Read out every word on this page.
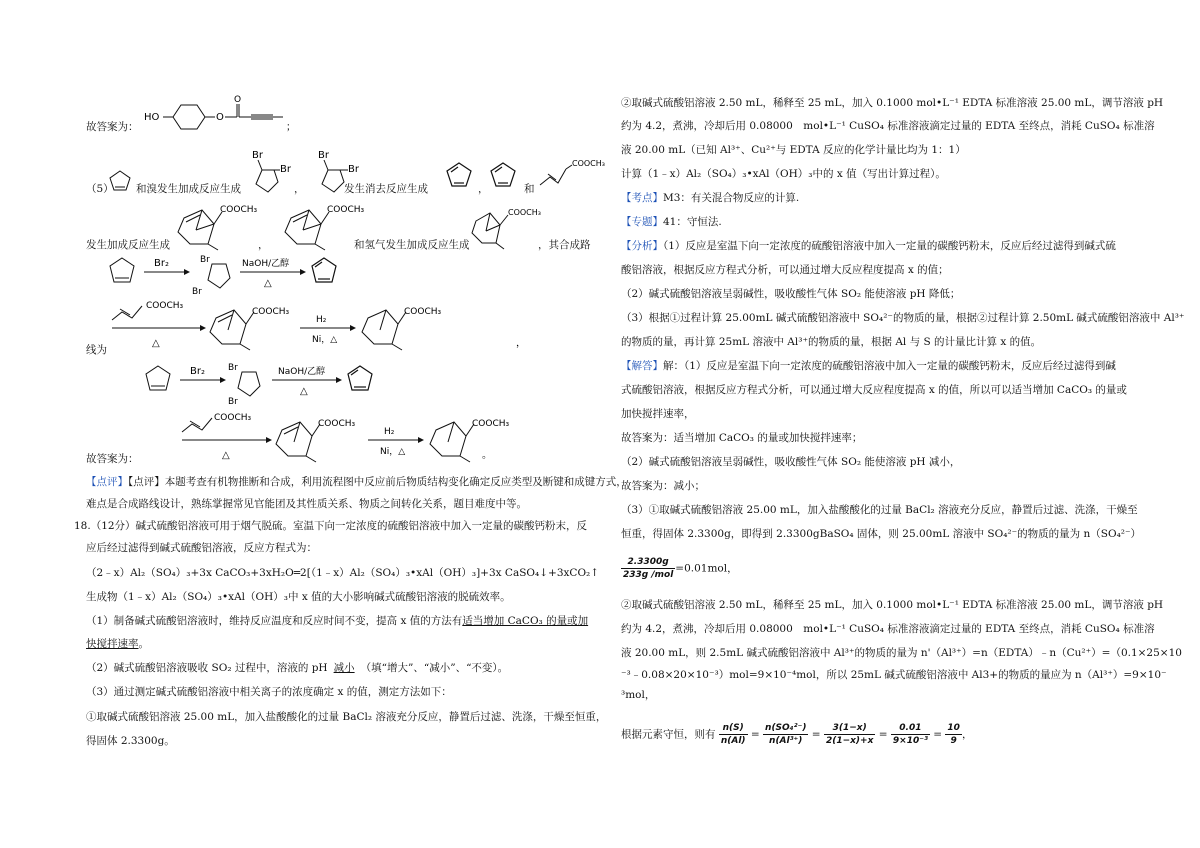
故答案为：
HO	O
O
；
（5） 和溴发生加成反应生成
Br
Br
，
Br
Br
发生消去反应生成	，	和
COOCH₃
发生加成反应生成
COOCH₃
，
COOCH₃
和氢气发生加成反应生成
COOCH₃
，其合成路
Br₂	Br
Br
NaOH/乙醇
△
COOCH₃
△
COOCH₃
H₂
Ni，△
COOCH₃
，
线为
Br₂	Br
Br
NaOH/乙醇
△
COOCH₃
△
COOCH₃
H₂
Ni，△
COOCH₃
。
故答案为：
【点评】【点评】本题考查有机物推断和合成，利用流程图中反应前后物质结构变化确定反应类型及断键和成键方式，
难点是合成路线设计，熟练掌握常见官能团及其性质关系、物质之间转化关系，题目难度中等。
18.（12分）碱式硫酸铝溶液可用于烟气脱硫。室温下向一定浓度的硫酸铝溶液中加入一定量的碳酸钙粉末，反
应后经过滤得到碱式硫酸铝溶液，反应方程式为：
（2﹣x）Al₂（SO₄）₃+3x CaCO₃+3xH₂O═2[（1﹣x）Al₂（SO₄）₃•xAl（OH）₃]+3x CaSO₄↓+3xCO₂↑
生成物（1﹣x）Al₂（SO₄）₃•xAl（OH）₃中 x 值的大小影响碱式硫酸铝溶液的脱硫效率。
（1）制备碱式硫酸铝溶液时，维持反应温度和反应时间不变，提高 x 值的方法有适当增加 CaCO₃ 的量或加
快搅拌速率。
（2）碱式硫酸铝溶液吸收 SO₂ 过程中，溶液的 pH 减小 （填“增大”、“减小”、“不变）。
（3）通过测定碱式硫酸铝溶液中相关离子的浓度确定 x 的值，测定方法如下：
①取碱式硫酸铝溶液 25.00 mL，加入盐酸酸化的过量 BaCl₂ 溶液充分反应，静置后过滤、洗涤，干燥至恒重，
得固体 2.3300g。
②取碱式硫酸铝溶液 2.50 mL，稀释至 25 mL，加入 0.1000 mol•L⁻¹ EDTA 标准溶液 25.00 mL，调节溶液 pH
约为 4.2，煮沸，冷却后用 0.08000　mol•L⁻¹ CuSO₄ 标准溶液滴定过量的 EDTA 至终点，消耗 CuSO₄ 标准溶
液 20.00 mL（已知 Al³⁺、Cu²⁺与 EDTA 反应的化学计量比均为 1：1）
计算（1﹣x）Al₂（SO₄）₃•xAl（OH）₃中的 x 值（写出计算过程）。
【考点】M3：有关混合物反应的计算.
【专题】41：守恒法.
【分析】（1）反应是室温下向一定浓度的硫酸铝溶液中加入一定量的碳酸钙粉末，反应后经过滤得到碱式硫
酸铝溶液，根据反应方程式分析，可以通过增大反应程度提高 x 的值；
（2）碱式硫酸铝溶液呈弱碱性，吸收酸性气体 SO₂ 能使溶液 pH 降低；
（3）根据①过程计算 25.00mL 碱式硫酸铝溶液中 SO₄²⁻的物质的量，根据②过程计算 2.50mL 碱式硫酸铝溶液中 Al³⁺
的物质的量，再计算 25mL 溶液中 Al³⁺的物质的量，根据 Al 与 S 的计量比计算 x 的值。
【解答】解：（1）反应是室温下向一定浓度的硫酸铝溶液中加入一定量的碳酸钙粉末，反应后经过滤得到碱
式硫酸铝溶液，根据反应方程式分析，可以通过增大反应程度提高 x 的值，所以可以适当增加 CaCO₃ 的量或
加快搅拌速率，
故答案为：适当增加 CaCO₃ 的量或加快搅拌速率；
（2）碱式硫酸铝溶液呈弱碱性，吸收酸性气体 SO₂ 能使溶液 pH 减小，
故答案为：减小；
（3）①取碱式硫酸铝溶液 25.00 mL，加入盐酸酸化的过量 BaCl₂ 溶液充分反应，静置后过滤、洗涤，干燥至
恒重，得固体 2.3300g，即得到 2.3300gBaSO₄ 固体，则 25.00mL 溶液中 SO₄²⁻的物质的量为 n（SO₄²⁻）
$\frac{2.3300g}{\text{233g /mol}} =0.01mol$，
②取碱式硫酸铝溶液 2.50 mL，稀释至 25 mL，加入 0.1000 mol•L⁻¹ EDTA 标准溶液 25.00 mL，调节溶液 pH
约为 4.2，煮沸，冷却后用 0.08000　mol•L⁻¹ CuSO₄ 标准溶液滴定过量的 EDTA 至终点，消耗 CuSO₄ 标准溶
液 20.00 mL，则 2.5mL 碱式硫酸铝溶液中 Al³⁺的物质的量为 n'（Al³⁺）=n（EDTA）﹣n（Cu²⁺）=（0.1×25×10
⁻³﹣0.08×20×10⁻³）mol=9×10⁻⁴mol，所以 25mL 碱式硫酸铝溶液中 Al3+的物质的量应为 n（Al³⁺）=9×10⁻
³mol，
根据元素守恒，则有 $\frac{n(S)}{n(Al)} = \frac{\text{n(SO₄²⁻)}}{\text{n(Al³⁺)}} = \frac{3(1-x)}{2(1-x)+x} = \frac{0.01}{\text{9×10⁻³}} = \frac{10}{9}$ ，
